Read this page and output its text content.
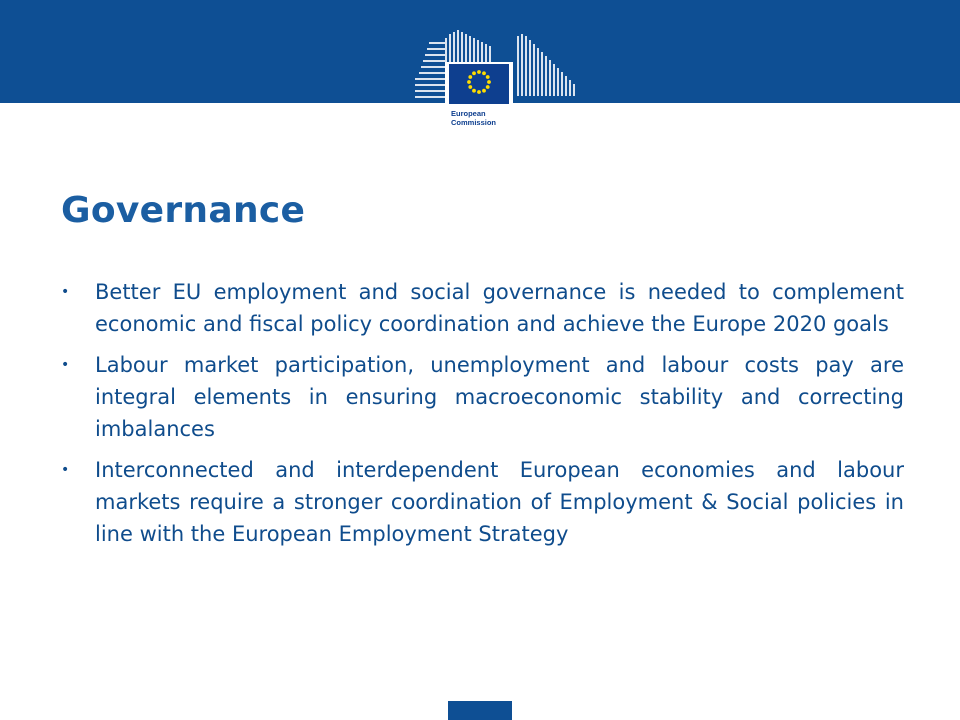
European
Commission
Governance
• Better EU employment and social governance is needed to complement economic and fiscal policy coordination and achieve the Europe 2020 goals
• Labour market participation, unemployment and labour costs pay are integral elements in ensuring macroeconomic stability and correcting imbalances
• Interconnected and interdependent European economies and labour markets require a stronger coordination of Employment & Social policies in line with the European Employment Strategy
